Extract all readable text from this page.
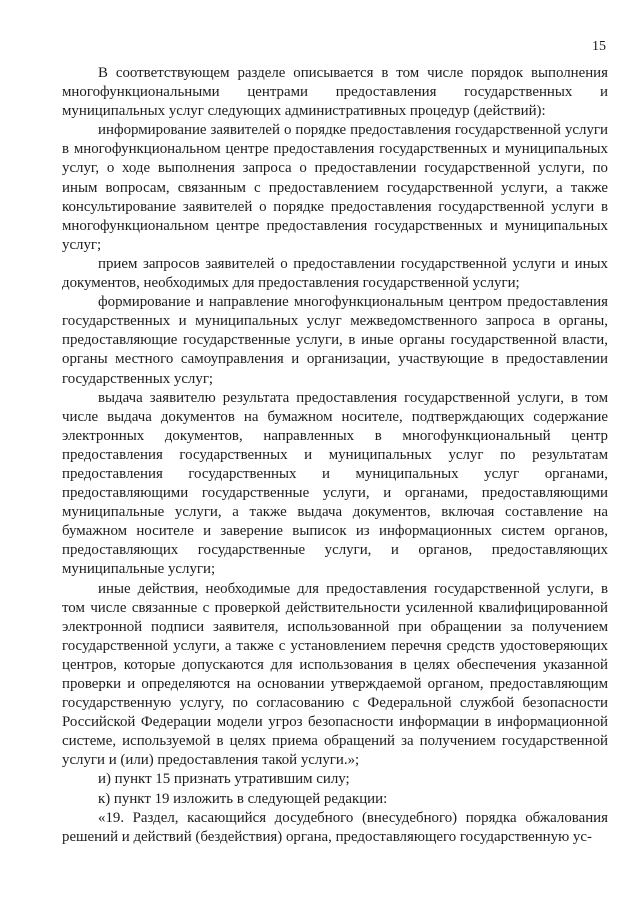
15

В соответствующем разделе описывается в том числе порядок выполнения многофункциональными центрами предоставления государственных и муниципальных услуг следующих административных процедур (действий):

информирование заявителей о порядке предоставления государственной услуги в многофункциональном центре предоставления государственных и муниципальных услуг, о ходе выполнения запроса о предоставлении государственной услуги, по иным вопросам, связанным с предоставлением государственной услуги, а также консультирование заявителей о порядке предоставления государственной услуги в многофункциональном центре предоставления государственных и муниципальных услуг;

прием запросов заявителей о предоставлении государственной услуги и иных документов, необходимых для предоставления государственной услуги;

формирование и направление многофункциональным центром предоставления государственных и муниципальных услуг межведомственного запроса в органы, предоставляющие государственные услуги, в иные органы государственной власти, органы местного самоуправления и организации, участвующие в предоставлении государственных услуг;

выдача заявителю результата предоставления государственной услуги, в том числе выдача документов на бумажном носителе, подтверждающих содержание электронных документов, направленных в многофункциональный центр предоставления государственных и муниципальных услуг по результатам предоставления государственных и муниципальных услуг органами, предоставляющими государственные услуги, и органами, предоставляющими муниципальные услуги, а также выдача документов, включая составление на бумажном носителе и заверение выписок из информационных систем органов, предоставляющих государственные услуги, и органов, предоставляющих муниципальные услуги;

иные действия, необходимые для предоставления государственной услуги, в том числе связанные с проверкой действительности усиленной квалифицированной электронной подписи заявителя, использованной при обращении за получением государственной услуги, а также с установлением перечня средств удостоверяющих центров, которые допускаются для использования в целях обеспечения указанной проверки и определяются на основании утверждаемой органом, предоставляющим государственную услугу, по согласованию с Федеральной службой безопасности Российской Федерации модели угроз безопасности информации в информационной системе, используемой в целях приема обращений за получением государственной услуги и (или) предоставления такой услуги.»;

и) пункт 15 признать утратившим силу;

к) пункт 19 изложить в следующей редакции:

«19. Раздел, касающийся досудебного (внесудебного) порядка обжалования решений и действий (бездействия) органа, предоставляющего государственную ус-
